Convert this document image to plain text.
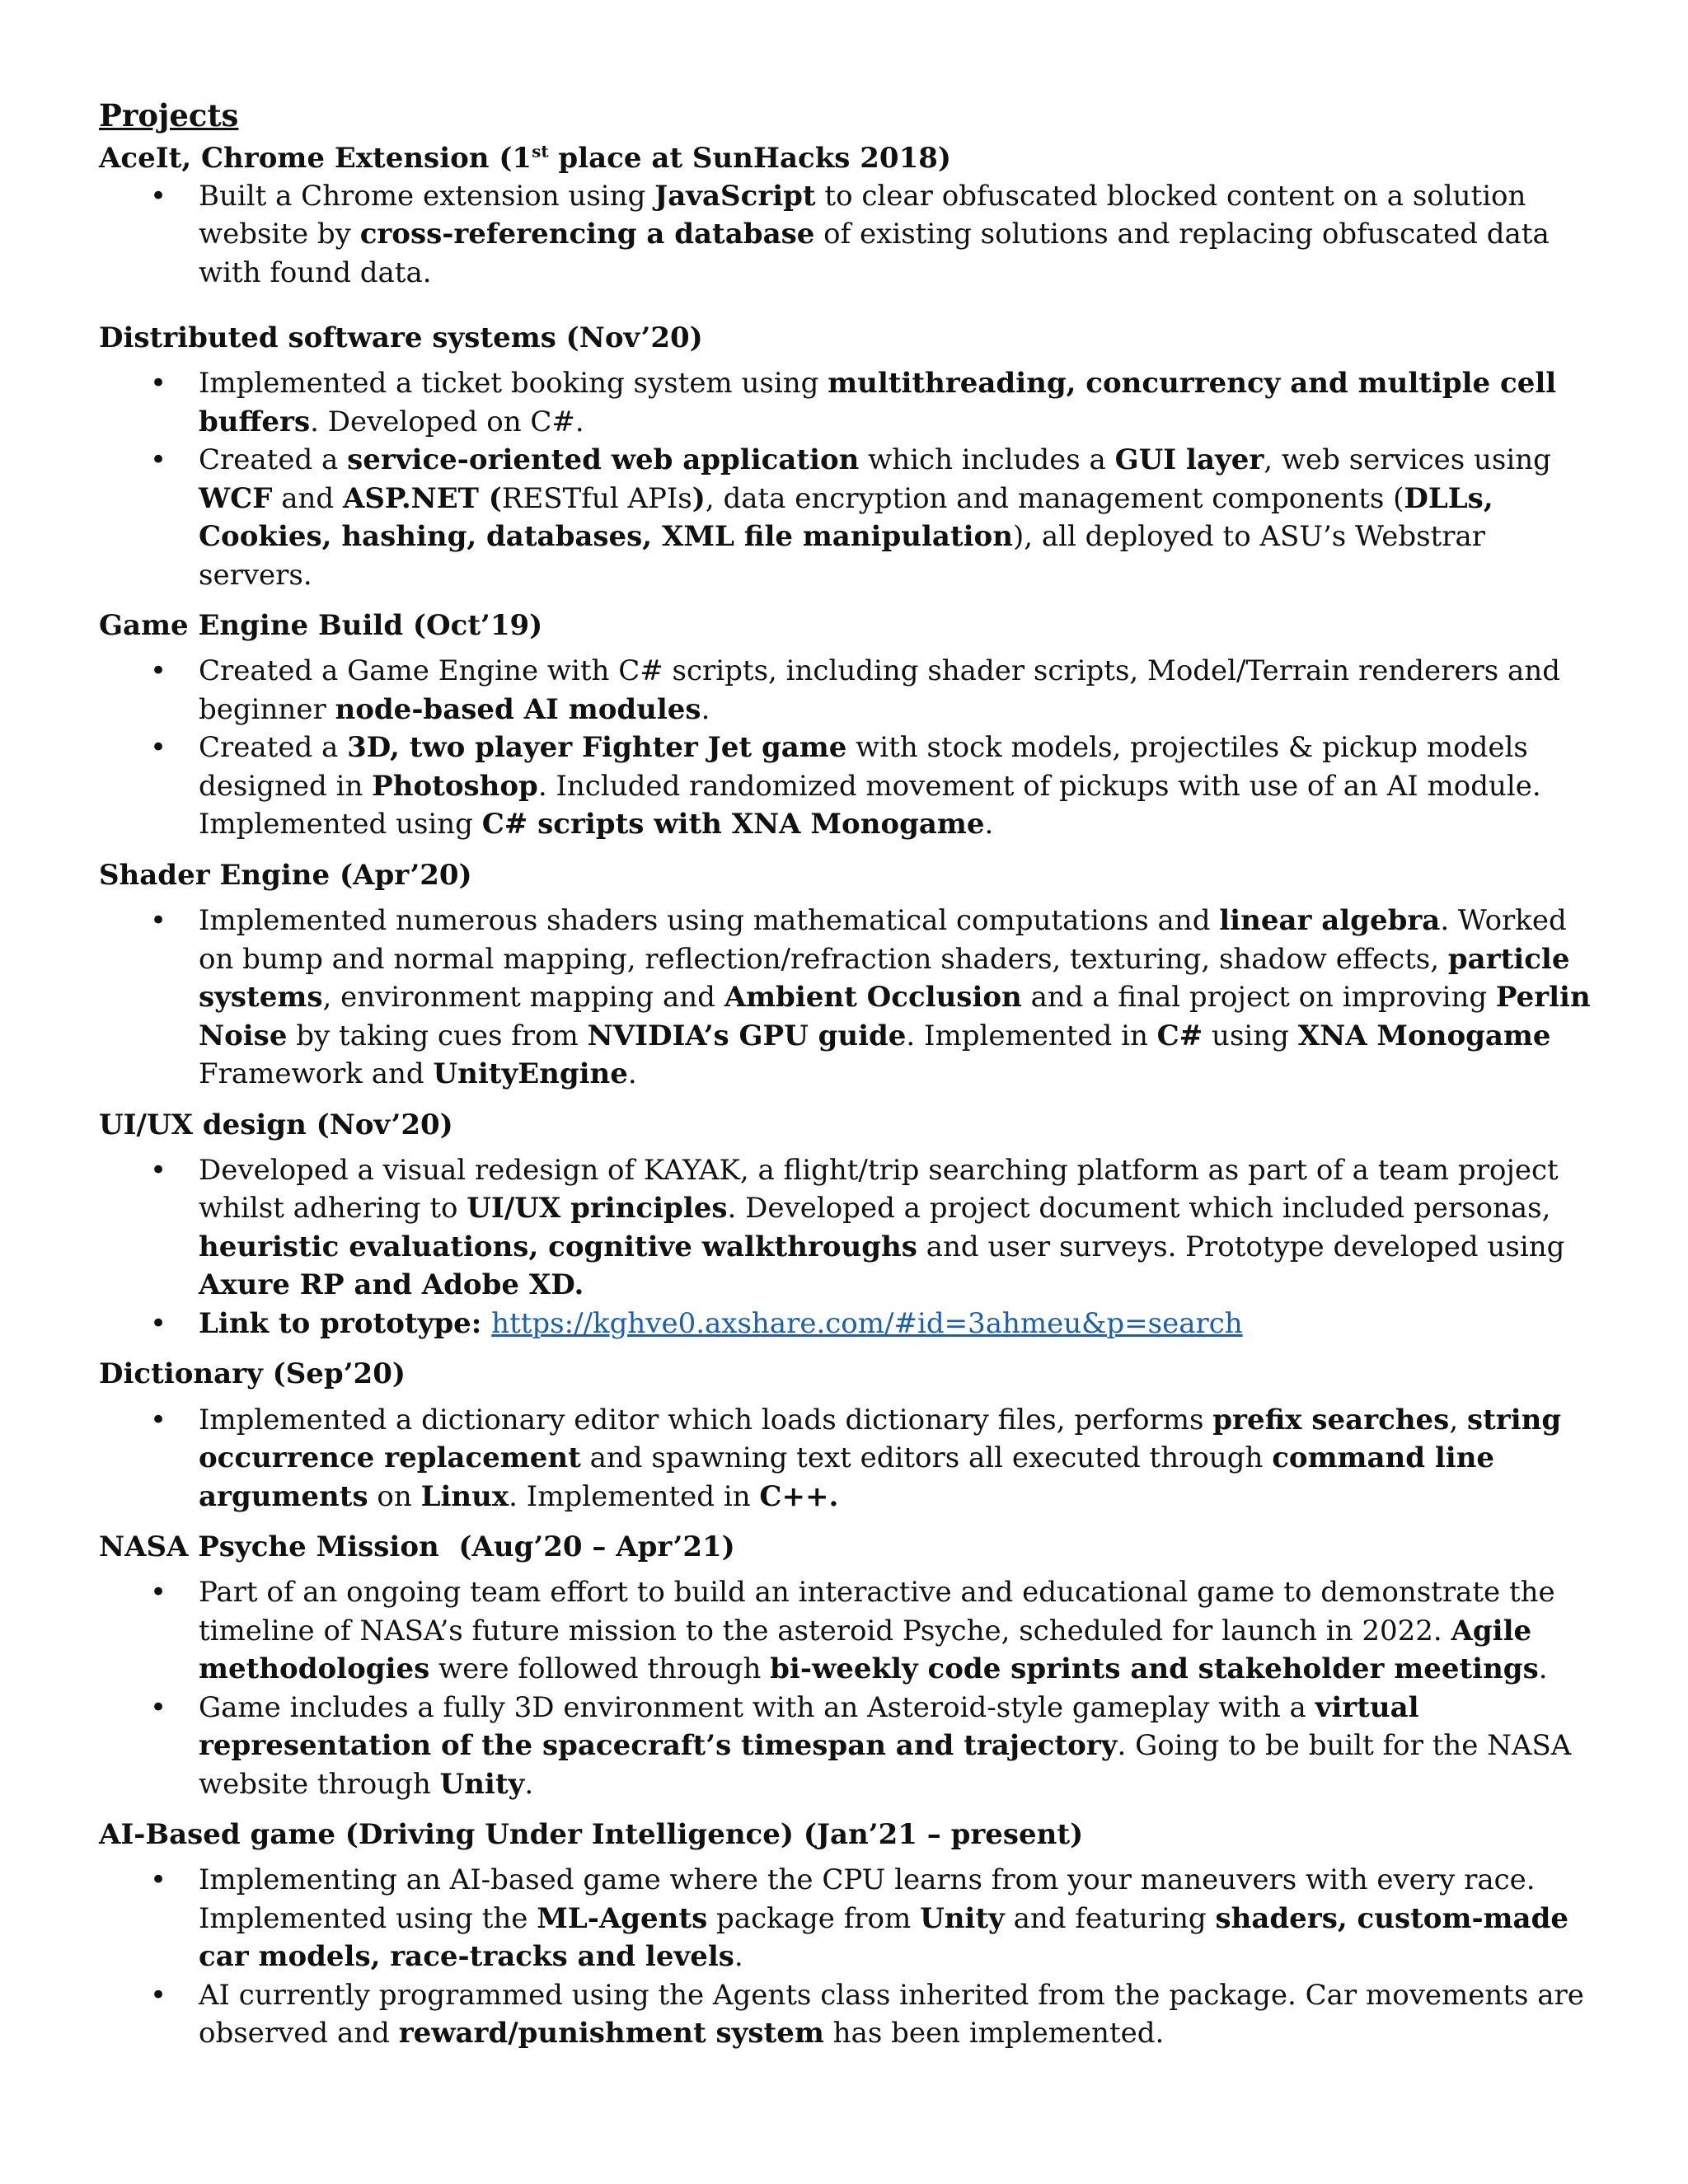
Projects
AceIt, Chrome Extension (1st place at SunHacks 2018)
• Built a Chrome extension using JavaScript to clear obfuscated blocked content on a solution website by cross-referencing a database of existing solutions and replacing obfuscated data with found data.
Distributed software systems (Nov’20)
• Implemented a ticket booking system using multithreading, concurrency and multiple cell buffers. Developed on C#.
• Created a service-oriented web application which includes a GUI layer, web services using WCF and ASP.NET (RESTful APIs), data encryption and management components (DLLs, Cookies, hashing, databases, XML file manipulation), all deployed to ASU’s Webstrar servers.
Game Engine Build (Oct’19)
• Created a Game Engine with C# scripts, including shader scripts, Model/Terrain renderers and beginner node-based AI modules.
• Created a 3D, two player Fighter Jet game with stock models, projectiles & pickup models designed in Photoshop. Included randomized movement of pickups with use of an AI module. Implemented using C# scripts with XNA Monogame.
Shader Engine (Apr’20)
• Implemented numerous shaders using mathematical computations and linear algebra. Worked on bump and normal mapping, reflection/refraction shaders, texturing, shadow effects, particle systems, environment mapping and Ambient Occlusion and a final project on improving Perlin Noise by taking cues from NVIDIA’s GPU guide. Implemented in C# using XNA Monogame Framework and UnityEngine.
UI/UX design (Nov’20)
• Developed a visual redesign of KAYAK, a flight/trip searching platform as part of a team project whilst adhering to UI/UX principles. Developed a project document which included personas, heuristic evaluations, cognitive walkthroughs and user surveys. Prototype developed using Axure RP and Adobe XD.
• Link to prototype: https://kghve0.axshare.com/#id=3ahmeu&p=search
Dictionary (Sep’20)
• Implemented a dictionary editor which loads dictionary files, performs prefix searches, string occurrence replacement and spawning text editors all executed through command line arguments on Linux. Implemented in C++.
NASA Psyche Mission  (Aug’20 – Apr’21)
• Part of an ongoing team effort to build an interactive and educational game to demonstrate the timeline of NASA’s future mission to the asteroid Psyche, scheduled for launch in 2022. Agile methodologies were followed through bi-weekly code sprints and stakeholder meetings.
• Game includes a fully 3D environment with an Asteroid-style gameplay with a virtual representation of the spacecraft’s timespan and trajectory. Going to be built for the NASA website through Unity.
AI-Based game (Driving Under Intelligence) (Jan’21 – present)
• Implementing an AI-based game where the CPU learns from your maneuvers with every race. Implemented using the ML-Agents package from Unity and featuring shaders, custom-made car models, race-tracks and levels.
• AI currently programmed using the Agents class inherited from the package. Car movements are observed and reward/punishment system has been implemented.
